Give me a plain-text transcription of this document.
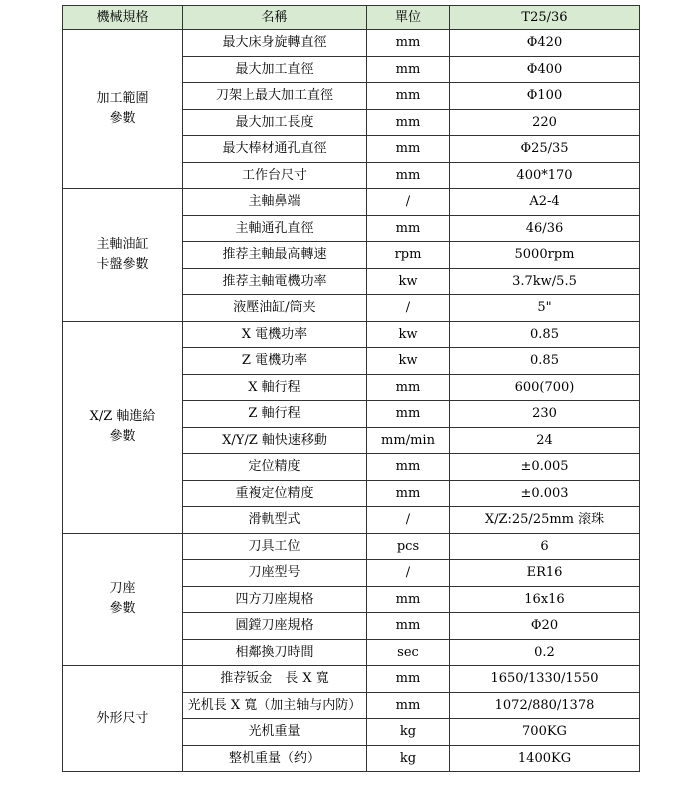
機械規格	名稱	單位	T25/36

加工範圍
參數	最大床身旋轉直徑	mm	Φ420
	最大加工直徑	mm	Φ400
	刀架上最大加工直徑	mm	Φ100
	最大加工長度	mm	220
	最大棒材通孔直徑	mm	Φ25/35
	工作台尺寸	mm	400*170

主軸油缸
卡盤參數	主軸鼻端	/	A2-4
	主軸通孔直徑	mm	46/36
	推荐主軸最高轉速	rpm	5000rpm
	推荐主軸電機功率	kw	3.7kw/5.5
	液壓油缸/筒夹	/	5"

X/Z 軸進給
參數	X 電機功率	kw	0.85
	Z 電機功率	kw	0.85
	X 軸行程	mm	600(700)
	Z 軸行程	mm	230
	X/Y/Z 軸快速移動	mm/min	24
	定位精度	mm	±0.005
	重複定位精度	mm	±0.003
	滑軌型式	/	X/Z:25/25mm 滚珠

刀座
參數	刀具工位	pcs	6
	刀座型号	/	ER16
	四方刀座規格	mm	16x16
	圓鏜刀座規格	mm	Φ20
	相鄰換刀時間	sec	0.2

外形尺寸	推荐钣金　長 X 寬	mm	1650/1330/1550
	光机長 X 寬（加主轴与内防）	mm	1072/880/1378
	光机重量	kg	700KG
	整机重量（约）	kg	1400KG
